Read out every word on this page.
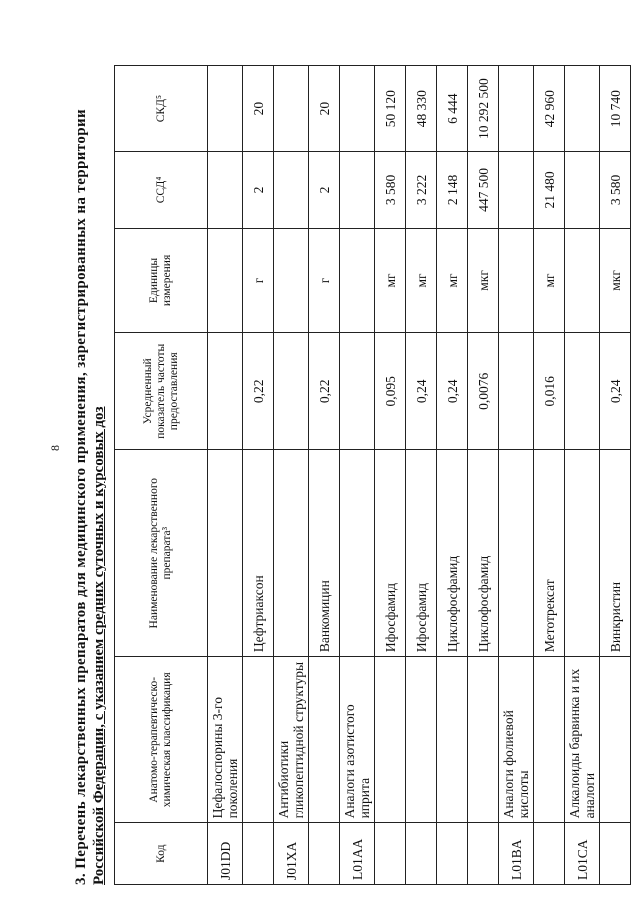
8 3. Перечень лекарственных препаратов для медицинского применения, зарегистрированных на территории Российской Федерации, с указанием средних суточных и курсовых доз	Код	Анатомо-терапевтическо-химическая классификация	Наименование лекарственного препарата³	Усредненный показатель частоты предоставления	Единицы измерения	ССД⁴	СКД⁵
J01DD	Цефалоспорины 3-го поколения					
		Цефтриаксон	0,22	г	2	20
J01XA	Антибиотики гликопептидной структуры					
		Ванкомицин	0,22	г	2	20
L01AA	Аналоги азотистого иприта					
		Ифосфамид	0,095	мг	3 580	50 120
		Ифосфамид	0,24	мг	3 222	48 330
		Циклофосфамид	0,24	мг	2 148	6 444
		Циклофосфамид	0,0076	мкг	447 500	10 292 500
L01BA	Аналоги фолиевой кислоты					
		Метотрексат	0,016	мг	21 480	42 960
L01CA	Алкалоиды барвинка и их аналоги					
		Винкристин	0,24	мкг	3 580	10 740
